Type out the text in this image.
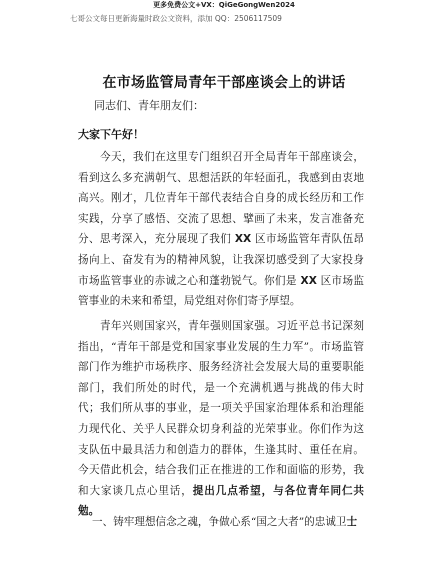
更多免费公文+VX：QiGeGongWen2024
七哥公文每日更新海量时政公文资料，添加 QQ：2506117509
在市场监管局青年干部座谈会上的讲话
同志们、青年朋友们：
大家下午好！
今天，我们在这里专门组织召开全局青年干部座谈会，看到这么多充满朝气、思想活跃的年轻面孔，我感到由衷地高兴。刚才，几位青年干部代表结合自身的成长经历和工作实践，分享了感悟、交流了思想、擘画了未来，发言准备充分、思考深入，充分展现了我们 XX 区市场监管年青队伍昂扬向上、奋发有为的精神风貌，让我深切感受到了大家投身市场监管事业的赤诚之心和蓬勃锐气。你们是 XX 区市场监管事业的未来和希望，局党组对你们寄予厚望。
青年兴则国家兴，青年强则国家强。习近平总书记深刻指出，“青年干部是党和国家事业发展的生力军”。市场监管部门作为维护市场秩序、服务经济社会发展大局的重要职能部门，我们所处的时代，是一个充满机遇与挑战的伟大时代；我们所从事的事业，是一项关乎国家治理体系和治理能力现代化、关乎人民群众切身利益的光荣事业。你们作为这支队伍中最具活力和创造力的群体，生逢其时、重任在肩。今天借此机会，结合我们正在推进的工作和面临的形势，我和大家谈几点心里话，提出几点希望，与各位青年同仁共勉。
一、铸牢理想信念之魂，争做心系“国之大者”的忠诚卫士
